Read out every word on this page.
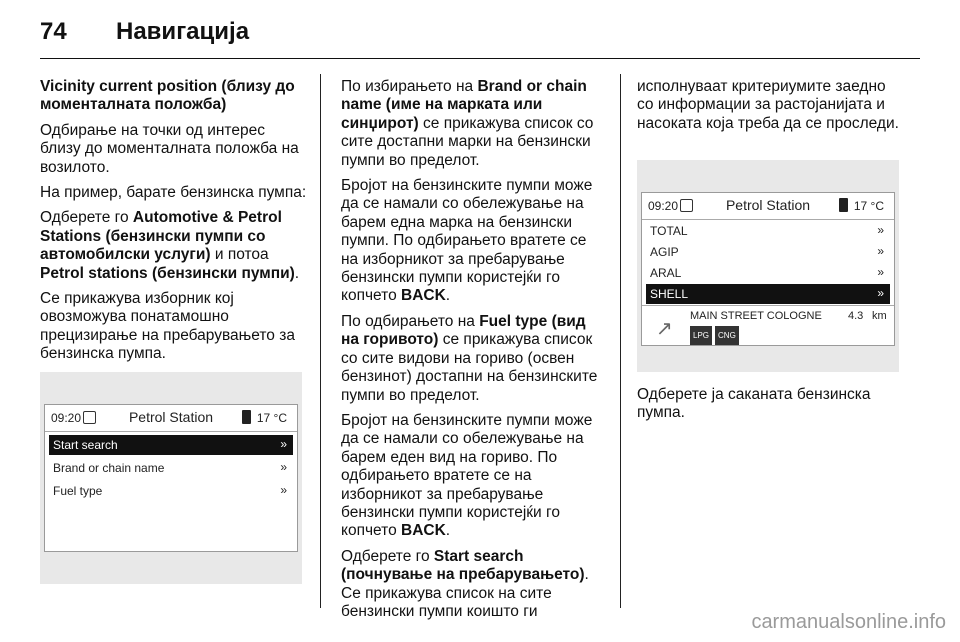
74 Навигација

Vicinity current position (близу до моменталната положба)

Одбирање на точки од интерес близу до моменталната положба на возилото.

На пример, барате бензинска пумпа:

Одберете го Automotive & Petrol Stations (бензински пумпи со автомобилски услуги) и потоа Petrol stations (бензински пумпи).

Се прикажува изборник кој овозможува понатамошно прецизирање на пребарувањето за бензинска пумпа.

09:20	Petrol Station	17 °C
Start search	»
Brand or chain name	»
Fuel type	»

По избирањето на Brand or chain name (име на марката или синџирот) се прикажува список со сите достапни марки на бензински пумпи во пределот.

Бројот на бензинските пумпи може да се намали со обележување на барем една марка на бензински пумпи. По одбирањето вратете се на изборникот за пребарување бензински пумпи користејќи го копчето BACK.

По одбирањето на Fuel type (вид на горивото) се прикажува список со сите видови на гориво (освен бензинот) достапни на бензинските пумпи во пределот.

Бројот на бензинските пумпи може да се намали со обележување на барем еден вид на гориво. По одбирањето вратете се на изборникот за пребарување бензински пумпи користејќи го копчето BACK.

Одберете го Start search (почнување на пребарувањето). Се прикажува список на сите бензински пумпи коишто ги

исполнуваат критериумите заедно со информации за растојанијата и насоката која треба да се проследи.

09:20	Petrol Station	17 °C
TOTAL	»
AGIP	»
ARAL	»
SHELL	»
↗
MAIN STREET COLOGNE 4.3 km
LPG CNG

Одберете ја саканата бензинска пумпа.

carmanualsonline.info
